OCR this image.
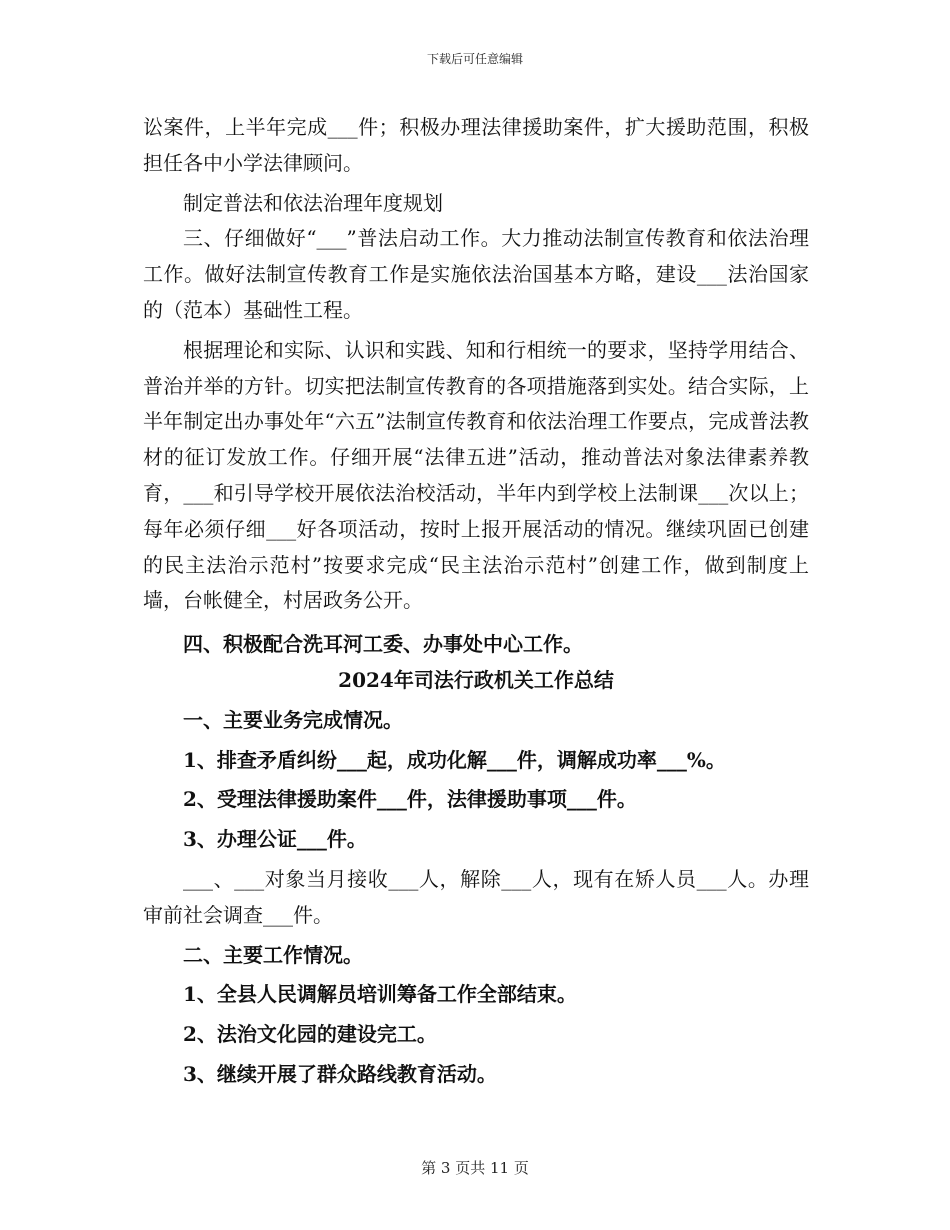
下载后可任意编辑

讼案件，上半年完成___件；积极办理法律援助案件，扩大援助范围，积极担任各中小学法律顾问。

制定普法和依法治理年度规划

三、仔细做好“___”普法启动工作。大力推动法制宣传教育和依法治理工作。做好法制宣传教育工作是实施依法治国基本方略，建设___法治国家的（范本）基础性工程。

根据理论和实际、认识和实践、知和行相统一的要求，坚持学用结合、普治并举的方针。切实把法制宣传教育的各项措施落到实处。结合实际，上半年制定出办事处年“六五”法制宣传教育和依法治理工作要点，完成普法教材的征订发放工作。仔细开展“法律五进”活动，推动普法对象法律素养教育，___和引导学校开展依法治校活动，半年内到学校上法制课___次以上；每年必须仔细___好各项活动，按时上报开展活动的情况。继续巩固已创建的民主法治示范村”按要求完成“民主法治示范村”创建工作，做到制度上墙，台帐健全，村居政务公开。

四、积极配合洗耳河工委、办事处中心工作。

2024年司法行政机关工作总结

一、主要业务完成情况。

1、排查矛盾纠纷___起，成功化解___件，调解成功率___%。

2、受理法律援助案件___件，法律援助事项___件。

3、办理公证___件。

___、___对象当月接收___人，解除___人，现有在矫人员___人。办理审前社会调查___件。

二、主要工作情况。

1、全县人民调解员培训筹备工作全部结束。

2、法治文化园的建设完工。

3、继续开展了群众路线教育活动。

第 3 页共 11 页
